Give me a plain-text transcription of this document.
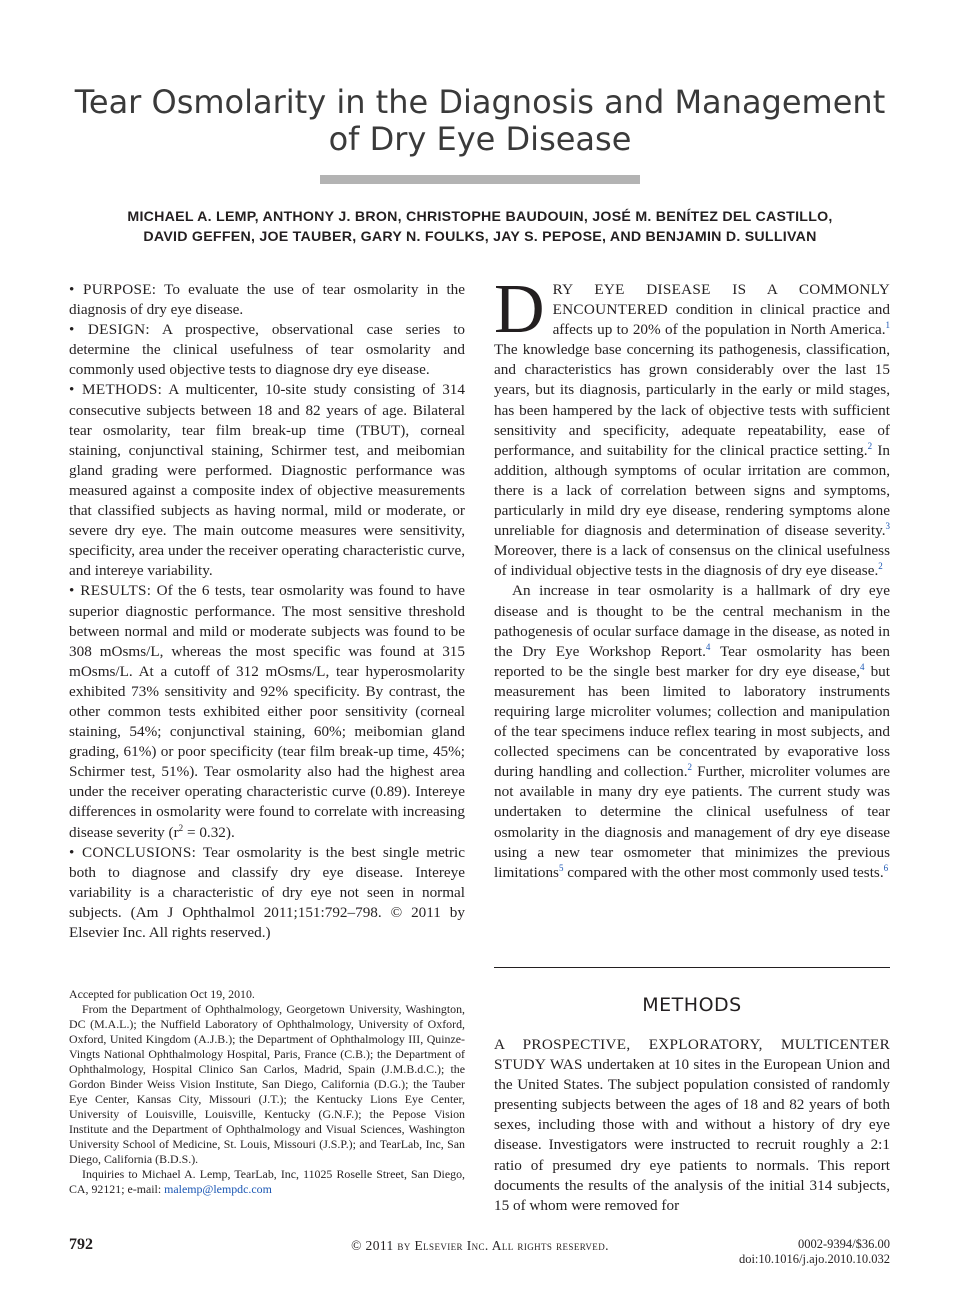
Tear Osmolarity in the Diagnosis and Management of Dry Eye Disease
MICHAEL A. LEMP, ANTHONY J. BRON, CHRISTOPHE BAUDOUIN, JOSÉ M. BENÍTEZ DEL CASTILLO,
DAVID GEFFEN, JOE TAUBER, GARY N. FOULKS, JAY S. PEPOSE, AND BENJAMIN D. SULLIVAN

• PURPOSE: To evaluate the use of tear osmolarity in the diagnosis of dry eye disease.

• DESIGN: A prospective, observational case series to determine the clinical usefulness of tear osmolarity and commonly used objective tests to diagnose dry eye disease.

• METHODS: A multicenter, 10-site study consisting of 314 consecutive subjects between 18 and 82 years of age. Bilateral tear osmolarity, tear film break-up time (TBUT), corneal staining, conjunctival staining, Schirmer test, and meibomian gland grading were performed. Diagnostic performance was measured against a composite index of objective measurements that classified subjects as having normal, mild or moderate, or severe dry eye. The main outcome measures were sensitivity, specificity, area under the receiver operating characteristic curve, and intereye variability.

• RESULTS: Of the 6 tests, tear osmolarity was found to have superior diagnostic performance. The most sensitive threshold between normal and mild or moderate subjects was found to be 308 mOsms/L, whereas the most specific was found at 315 mOsms/L. At a cutoff of 312 mOsms/L, tear hyperosmolarity exhibited 73% sensitivity and 92% specificity. By contrast, the other common tests exhibited either poor sensitivity (corneal staining, 54%; conjunctival staining, 60%; meibomian gland grading, 61%) or poor specificity (tear film break-up time, 45%; Schirmer test, 51%). Tear osmolarity also had the highest area under the receiver operating characteristic curve (0.89). Intereye differences in osmolarity were found to correlate with increasing disease severity $(r^2 = 0.32)$.

• CONCLUSIONS: Tear osmolarity is the best single metric both to diagnose and classify dry eye disease. Intereye variability is a characteristic of dry eye not seen in normal subjects. (Am J Ophthalmol 2011;151:792–798. © 2011 by Elsevier Inc. All rights reserved.)

Accepted for publication Oct 19, 2010.

From the Department of Ophthalmology, Georgetown University, Washington, DC (M.A.L.); the Nuffield Laboratory of Ophthalmology, University of Oxford, Oxford, United Kingdom (A.J.B.); the Department of Ophthalmology III, Quinze-Vingts National Ophthalmology Hospital, Paris, France (C.B.); the Department of Ophthalmology, Hospital Clinico San Carlos, Madrid, Spain (J.M.B.d.C.); the Gordon Binder Weiss Vision Institute, San Diego, California (D.G.); the Tauber Eye Center, Kansas City, Missouri (J.T.); the Kentucky Lions Eye Center, University of Louisville, Louisville, Kentucky (G.N.F.); the Pepose Vision Institute and the Department of Ophthalmology and Visual Sciences, Washington University School of Medicine, St. Louis, Missouri (J.S.P.); and TearLab, Inc, San Diego, California (B.D.S.).

Inquiries to Michael A. Lemp, TearLab, Inc, 11025 Roselle Street, San Diego, CA, 92121; e-mail: malemp@lempdc.com

DRY EYE DISEASE IS A COMMONLY ENCOUNTERED condition in clinical practice and affects up to 20% of the population in North America.$^1$ The knowledge base concerning its pathogenesis, classification, and characteristics has grown considerably over the last 15 years, but its diagnosis, particularly in the early or mild stages, has been hampered by the lack of objective tests with sufficient sensitivity and specificity, adequate repeatability, ease of performance, and suitability for the clinical practice setting.$^2$ In addition, although symptoms of ocular irritation are common, there is a lack of correlation between signs and symptoms, particularly in mild dry eye disease, rendering symptoms alone unreliable for diagnosis and determination of disease severity.$^3$ Moreover, there is a lack of consensus on the clinical usefulness of individual objective tests in the diagnosis of dry eye disease.$^2$

An increase in tear osmolarity is a hallmark of dry eye disease and is thought to be the central mechanism in the pathogenesis of ocular surface damage in the disease, as noted in the Dry Eye Workshop Report.$^4$ Tear osmolarity has been reported to be the single best marker for dry eye disease,$^4$ but measurement has been limited to laboratory instruments requiring large microliter volumes; collection and manipulation of the tear specimens induce reflex tearing in most subjects, and collected specimens can be concentrated by evaporative loss during handling and collection.$^2$ Further, microliter volumes are not available in many dry eye patients. The current study was undertaken to determine the clinical usefulness of tear osmolarity in the diagnosis and management of dry eye disease using a new tear osmometer that minimizes the previous limitations$^5$ compared with the other most commonly used tests.$^6$

METHODS

A PROSPECTIVE, EXPLORATORY, MULTICENTER STUDY WAS undertaken at 10 sites in the European Union and the United States. The subject population consisted of randomly presenting subjects between the ages of 18 and 82 years of both sexes, including those with and without a history of dry eye disease. Investigators were instructed to recruit roughly a 2:1 ratio of presumed dry eye patients to normals. This report documents the results of the analysis of the initial 314 subjects, 15 of whom were removed for

792	© 2011 by Elsevier Inc. All rights reserved.	0002-9394/$36.00
doi:10.1016/j.ajo.2010.10.032
